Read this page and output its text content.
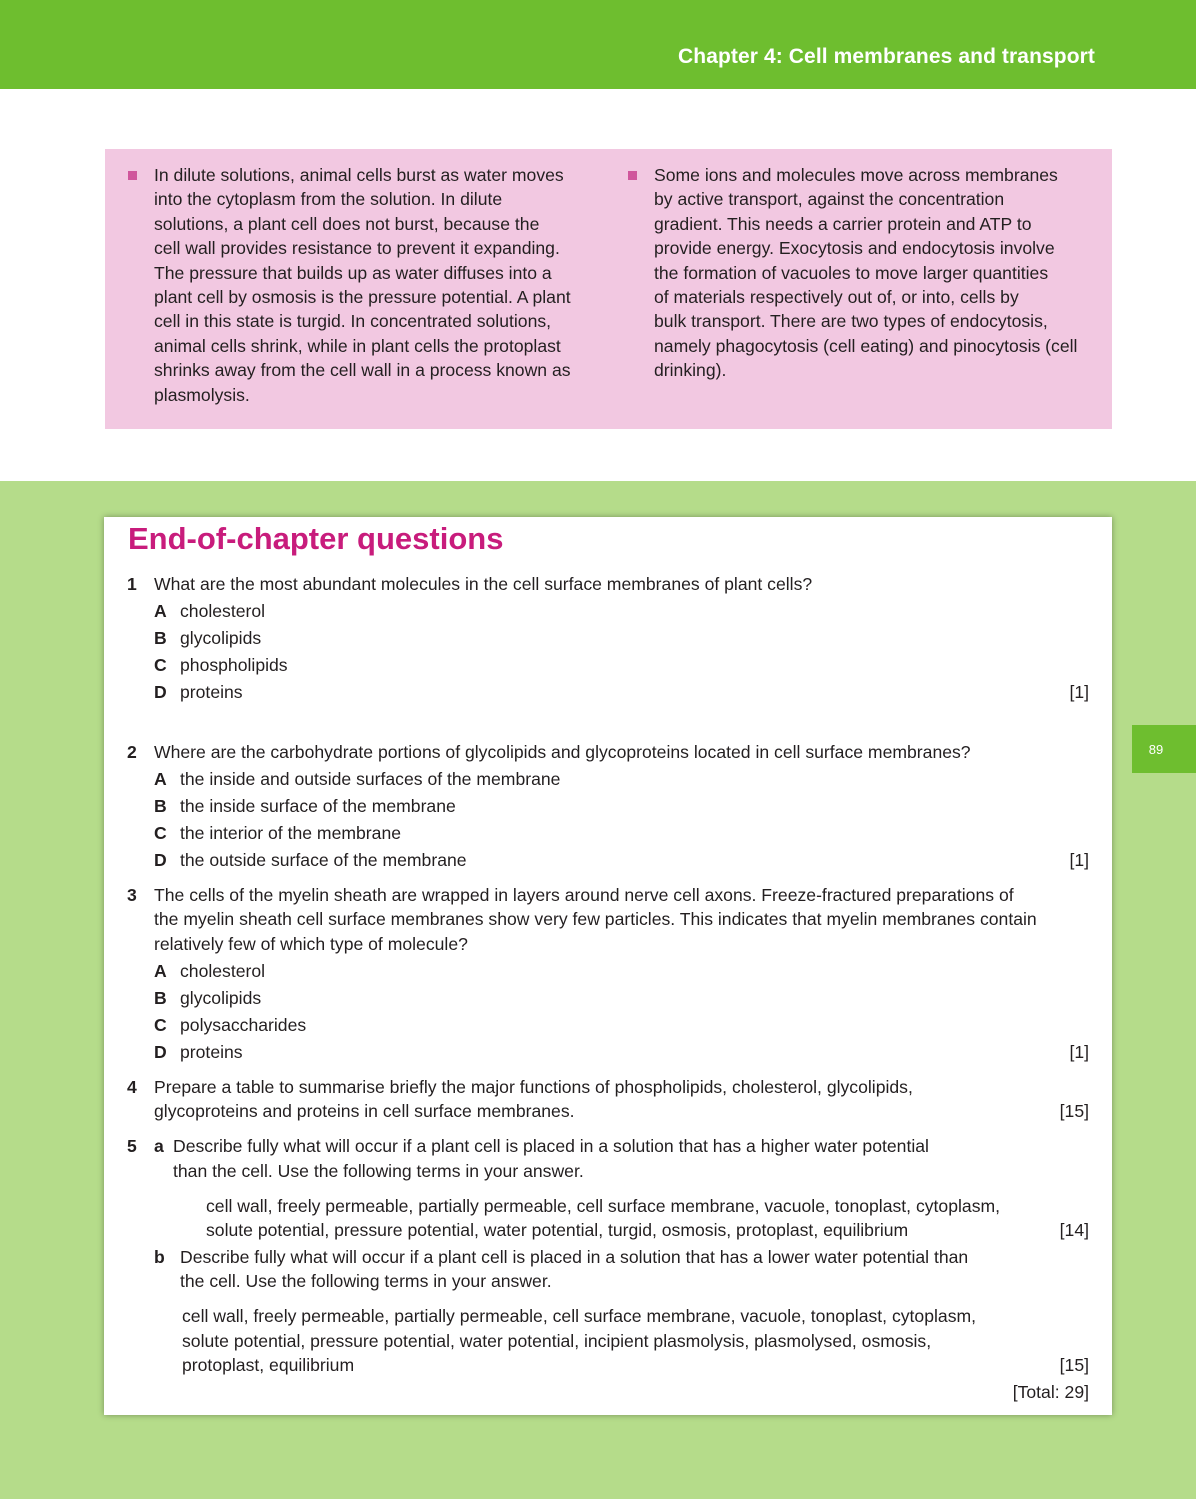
Chapter 4: Cell membranes and transport
In dilute solutions, animal cells burst as water moves
into the cytoplasm from the solution. In dilute
solutions, a plant cell does not burst, because the
cell wall provides resistance to prevent it expanding.
The pressure that builds up as water diffuses into a
plant cell by osmosis is the pressure potential. A plant
cell in this state is turgid. In concentrated solutions,
animal cells shrink, while in plant cells the protoplast
shrinks away from the cell wall in a process known as
plasmolysis.
Some ions and molecules move across membranes
by active transport, against the concentration
gradient. This needs a carrier protein and ATP to
provide energy. Exocytosis and endocytosis involve
the formation of vacuoles to move larger quantities
of materials respectively out of, or into, cells by
bulk transport. There are two types of endocytosis,
namely phagocytosis (cell eating) and pinocytosis (cell
drinking).
89
End-of-chapter questions
1 What are the most abundant molecules in the cell surface membranes of plant cells?
A cholesterol
B glycolipids
C phospholipids
D proteins	[1]
2 Where are the carbohydrate portions of glycolipids and glycoproteins located in cell surface membranes?
A the inside and outside surfaces of the membrane
B the inside surface of the membrane
C the interior of the membrane
D the outside surface of the membrane	[1]
3 The cells of the myelin sheath are wrapped in layers around nerve cell axons. Freeze-fractured preparations of
the myelin sheath cell surface membranes show very few particles. This indicates that myelin membranes contain
relatively few of which type of molecule?
A cholesterol
B glycolipids
C polysaccharides
D proteins	[1]
4 Prepare a table to summarise briefly the major functions of phospholipids, cholesterol, glycolipids,
glycoproteins and proteins in cell surface membranes.	[15]
5 a Describe fully what will occur if a plant cell is placed in a solution that has a higher water potential
than the cell. Use the following terms in your answer.
cell wall, freely permeable, partially permeable, cell surface membrane, vacuole, tonoplast, cytoplasm,
solute potential, pressure potential, water potential, turgid, osmosis, protoplast, equilibrium	[14]
b Describe fully what will occur if a plant cell is placed in a solution that has a lower water potential than
the cell. Use the following terms in your answer.
cell wall, freely permeable, partially permeable, cell surface membrane, vacuole, tonoplast, cytoplasm,
solute potential, pressure potential, water potential, incipient plasmolysis, plasmolysed, osmosis,
protoplast, equilibrium	[15]
[Total: 29]
